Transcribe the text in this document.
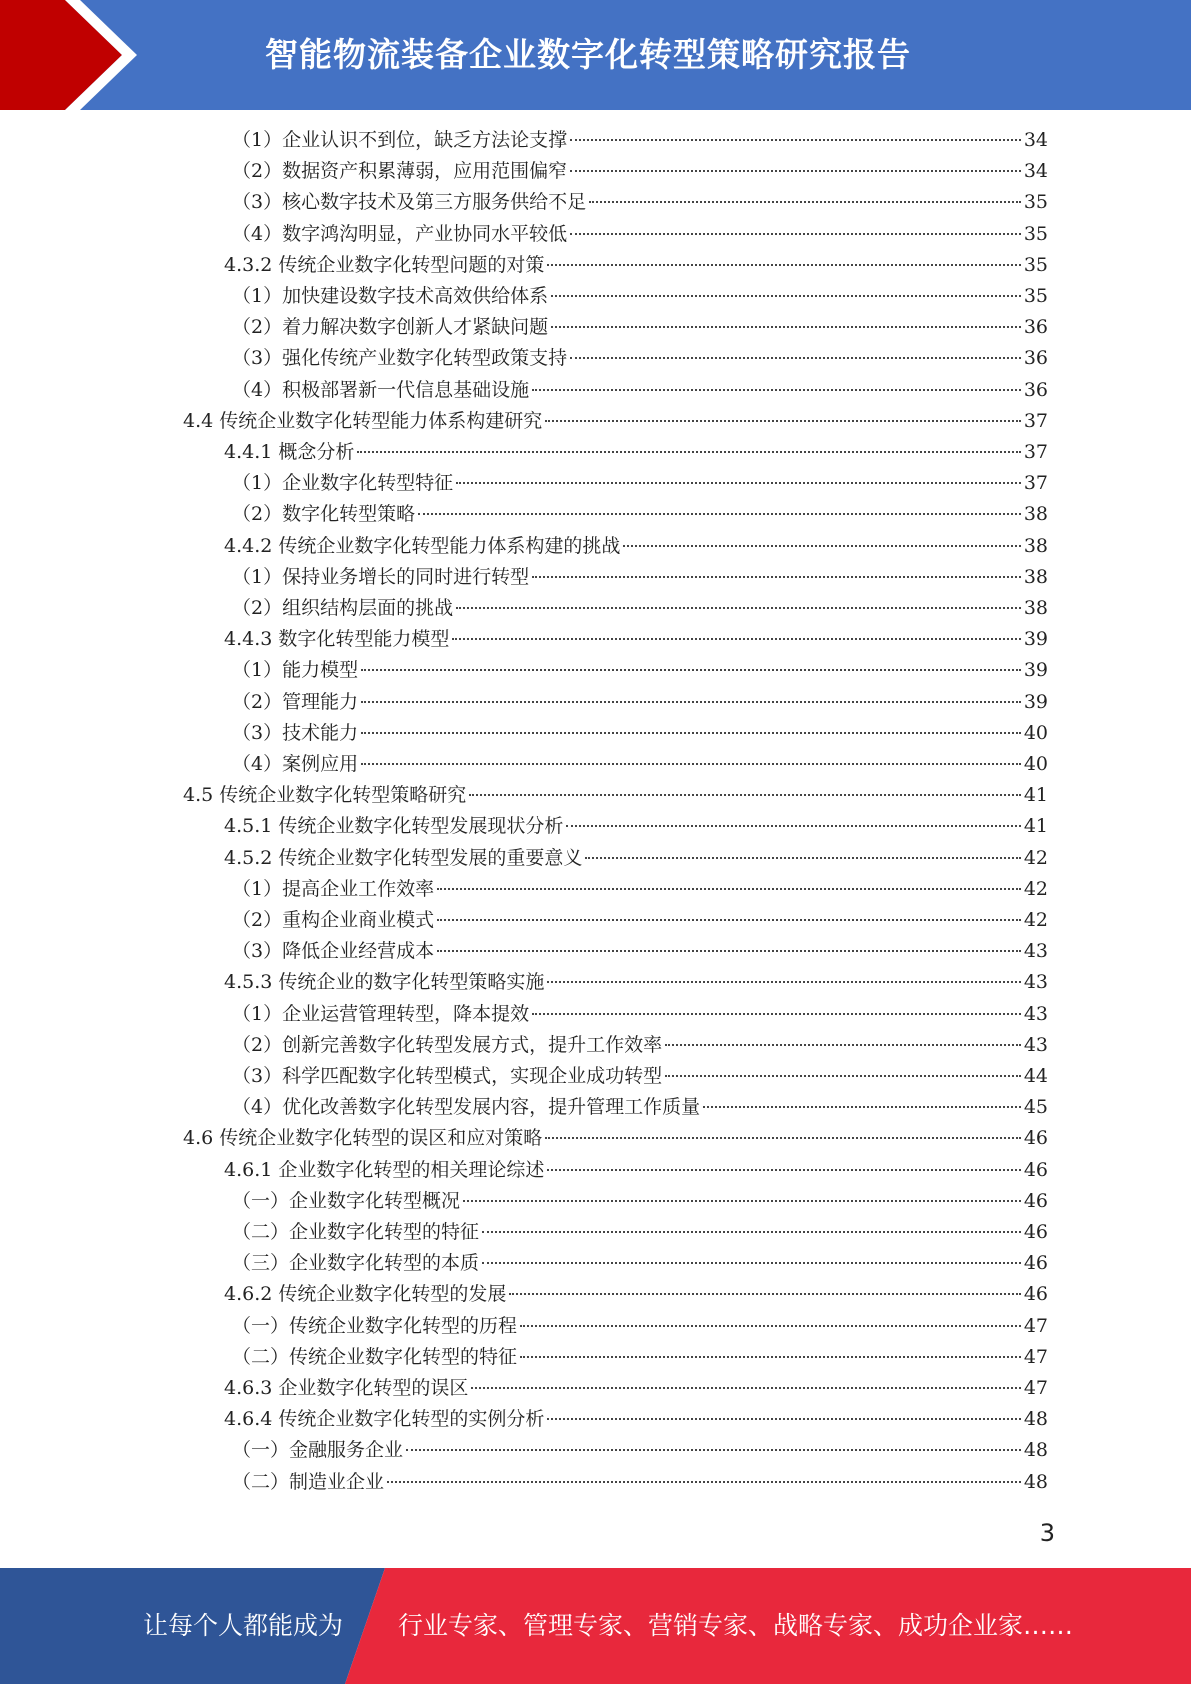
智能物流装备企业数字化转型策略研究报告
（1）企业认识不到位，缺乏方法论支撑	34
（2）数据资产积累薄弱，应用范围偏窄	34
（3）核心数字技术及第三方服务供给不足	35
（4）数字鸿沟明显，产业协同水平较低	35
4.3.2 传统企业数字化转型问题的对策	35
（1）加快建设数字技术高效供给体系	35
（2）着力解决数字创新人才紧缺问题	36
（3）强化传统产业数字化转型政策支持	36
（4）积极部署新一代信息基础设施	36
4.4 传统企业数字化转型能力体系构建研究	37
4.4.1 概念分析	37
（1）企业数字化转型特征	37
（2）数字化转型策略	38
4.4.2 传统企业数字化转型能力体系构建的挑战	38
（1）保持业务增长的同时进行转型	38
（2）组织结构层面的挑战	38
4.4.3 数字化转型能力模型	39
（1）能力模型	39
（2）管理能力	39
（3）技术能力	40
（4）案例应用	40
4.5 传统企业数字化转型策略研究	41
4.5.1 传统企业数字化转型发展现状分析	41
4.5.2 传统企业数字化转型发展的重要意义	42
（1）提高企业工作效率	42
（2）重构企业商业模式	42
（3）降低企业经营成本	43
4.5.3 传统企业的数字化转型策略实施	43
（1）企业运营管理转型，降本提效	43
（2）创新完善数字化转型发展方式，提升工作效率	43
（3）科学匹配数字化转型模式，实现企业成功转型	44
（4）优化改善数字化转型发展内容，提升管理工作质量	45
4.6 传统企业数字化转型的误区和应对策略	46
4.6.1 企业数字化转型的相关理论综述	46
（一）企业数字化转型概况	46
（二）企业数字化转型的特征	46
（三）企业数字化转型的本质	46
4.6.2 传统企业数字化转型的发展	46
（一）传统企业数字化转型的历程	47
（二）传统企业数字化转型的特征	47
4.6.3 企业数字化转型的误区	47
4.6.4 传统企业数字化转型的实例分析	48
（一）金融服务企业	48
（二）制造业企业	48
3
让每个人都能成为 行业专家、管理专家、营销专家、战略专家、成功企业家……
